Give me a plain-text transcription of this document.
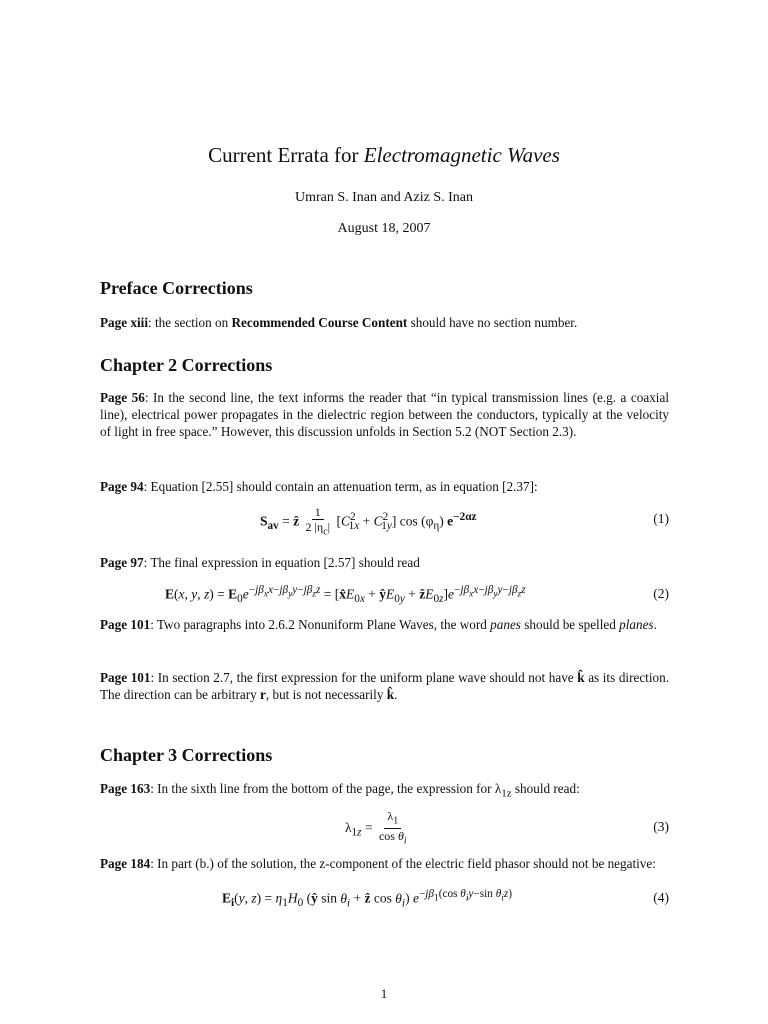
Current Errata for Electromagnetic Waves
Umran S. Inan and Aziz S. Inan
August 18, 2007
Preface Corrections

Page xiii: the section on Recommended Course Content should have no section number.

Chapter 2 Corrections

Page 56: In the second line, the text informs the reader that “in typical transmission lines (e.g. a coaxial line), electrical power propagates in the dielectric region between the conductors, typically at the velocity of light in free space.” However, this discussion unfolds in Section 5.2 (NOT Section 2.3).

Page 94: Equation [2.55] should contain an attenuation term, as in equation [2.37]:

$S_{av}$ = ẑ $\frac{1}{2 |\eta_c|} [C^2_{1x} + C^2_{1y}]$ $\cos (\varphi_\eta)$ $e^{-2\alpha z}$	(1)

Page 97: The final expression in equation [2.57] should read

E(x, y, $z) = E_0e^{-j\beta_xx-j\beta_yy-j\beta_zz}$ = [$x̂E_{0x}$ + $ŷE_{0y}$ + $ẑE_{0z}]e^{-j\beta_xx-j\beta_yy-j\beta_zz}$	(2)

Page 101: Two paragraphs into 2.6.2 Nonuniform Plane Waves, the word panes should be spelled planes.

Page 101: In section 2.7, the first expression for the uniform plane wave should not have k̂ as its direction. The direction can be arbitrary r, but is not necessarily k̂.

Chapter 3 Corrections

Page 163: In the sixth line from the bottom of the page, the expression for $\lambda_{1z}$ should read:

$\lambda_{1z} = \frac{\lambda_1}{\cos \theta_i}$	(3)

Page 184: In part (b.) of the solution, the z-component of the electric field phasor should not be negative:

$E_i(y$, $z) = \eta_1H_0$ (ŷ $\sin \theta_i$ + ẑ $\cos \theta_i$) $e^{-j\beta_1(cos \theta_iy-sin \theta_iz)}$	(4)
1
